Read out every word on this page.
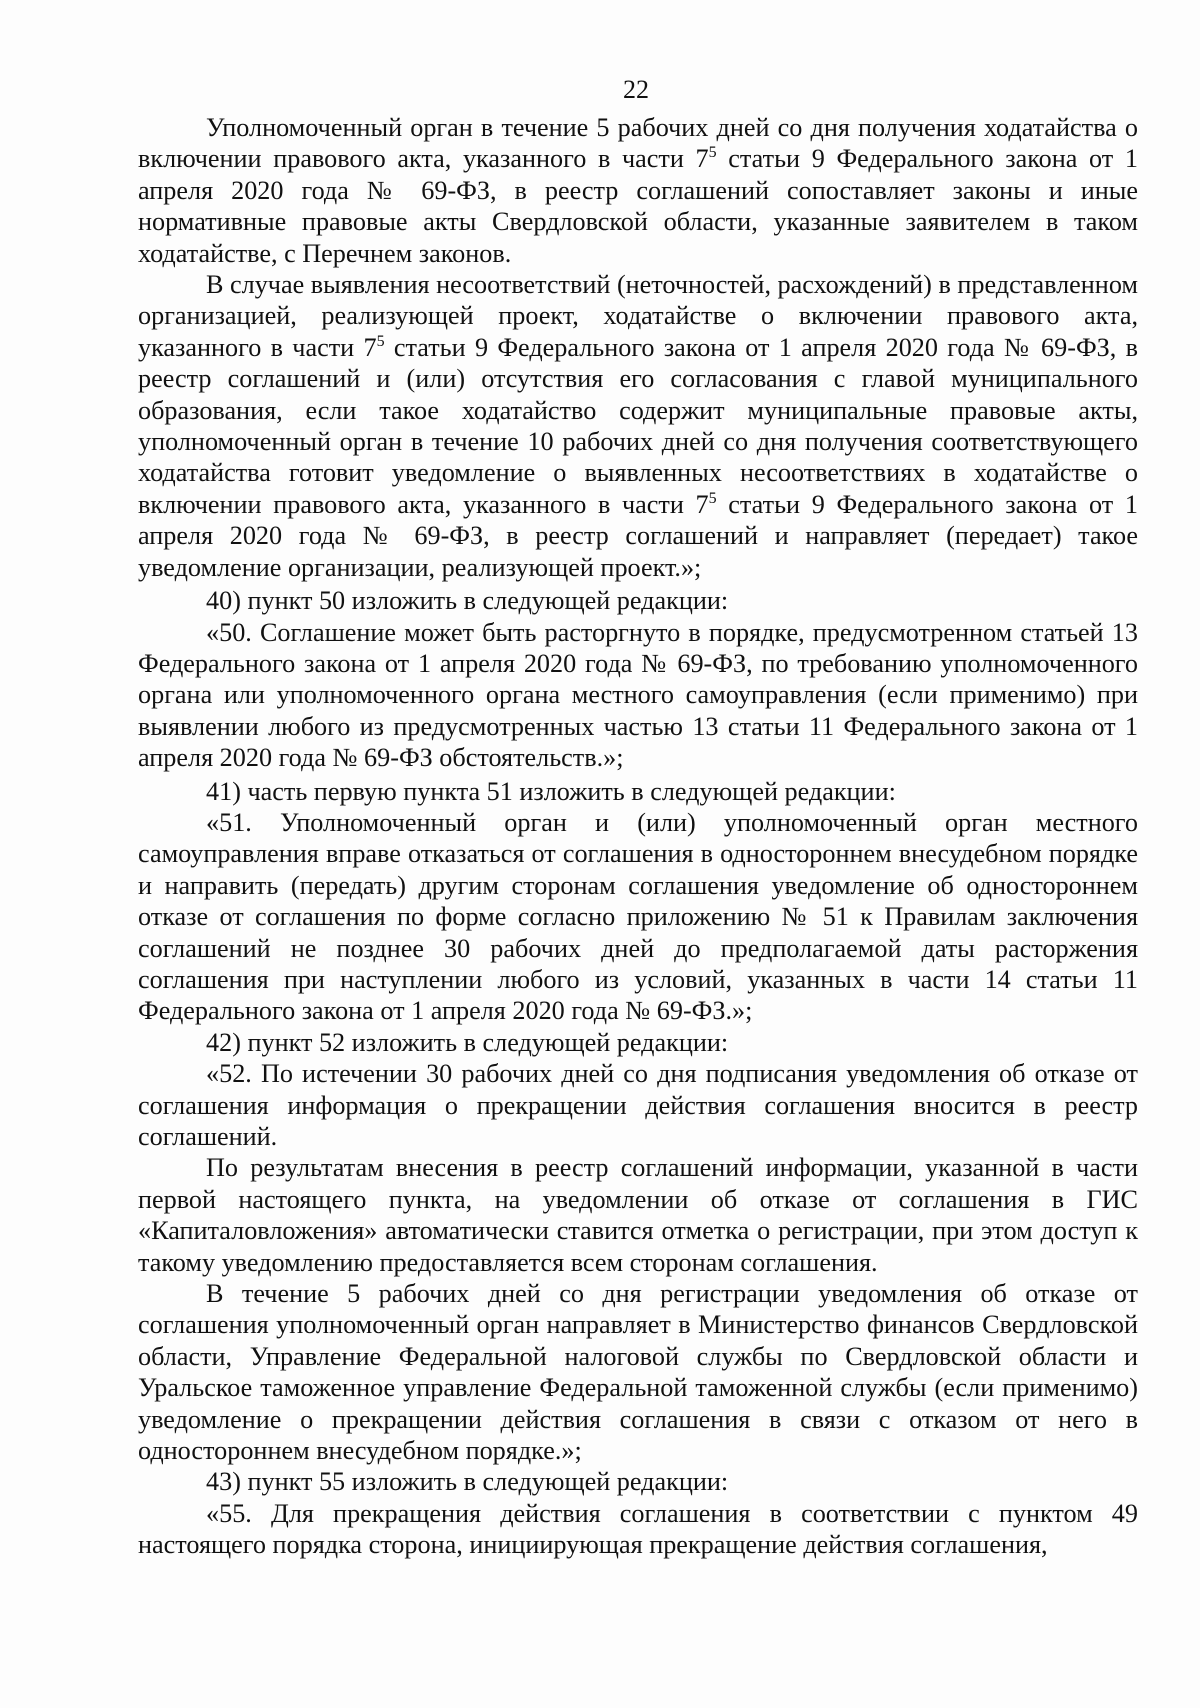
22

Уполномоченный орган в течение 5 рабочих дней со дня получения ходатайства о включении правового акта, указанного в части $7^5$ статьи 9 Федерального закона от 1 апреля 2020 года № 69-ФЗ, в реестр соглашений сопоставляет законы и иные нормативные правовые акты Свердловской области, указанные заявителем в таком ходатайстве, с Перечнем законов.

В случае выявления несоответствий (неточностей, расхождений) в представленном организацией, реализующей проект, ходатайстве о включении правового акта, указанного в части $7^5$ статьи 9 Федерального закона от 1 апреля 2020 года № 69-ФЗ, в реестр соглашений и (или) отсутствия его согласования с главой муниципального образования, если такое ходатайство содержит муниципальные правовые акты, уполномоченный орган в течение 10 рабочих дней со дня получения соответствующего ходатайства готовит уведомление о выявленных несоответствиях в ходатайстве о включении правового акта, указанного в части $7^5$ статьи 9 Федерального закона от 1 апреля 2020 года № 69-ФЗ, в реестр соглашений и направляет (передает) такое уведомление организации, реализующей проект.»;

40) пункт 50 изложить в следующей редакции:

«50. Соглашение может быть расторгнуто в порядке, предусмотренном статьей 13 Федерального закона от 1 апреля 2020 года № 69-ФЗ, по требованию уполномоченного органа или уполномоченного органа местного самоуправления (если применимо) при выявлении любого из предусмотренных частью 13 статьи 11 Федерального закона от 1 апреля 2020 года № 69-ФЗ обстоятельств.»;

41) часть первую пункта 51 изложить в следующей редакции:

«51. Уполномоченный орган и (или) уполномоченный орган местного самоуправления вправе отказаться от соглашения в одностороннем внесудебном порядке и направить (передать) другим сторонам соглашения уведомление об одностороннем отказе от соглашения по форме согласно приложению № 51 к Правилам заключения соглашений не позднее 30 рабочих дней до предполагаемой даты расторжения соглашения при наступлении любого из условий, указанных в части 14 статьи 11 Федерального закона от 1 апреля 2020 года № 69-ФЗ.»;

42) пункт 52 изложить в следующей редакции:

«52. По истечении 30 рабочих дней со дня подписания уведомления об отказе от соглашения информация о прекращении действия соглашения вносится в реестр соглашений.

По результатам внесения в реестр соглашений информации, указанной в части первой настоящего пункта, на уведомлении об отказе от соглашения в ГИС «Капиталовложения» автоматически ставится отметка о регистрации, при этом доступ к такому уведомлению предоставляется всем сторонам соглашения.

В течение 5 рабочих дней со дня регистрации уведомления об отказе от соглашения уполномоченный орган направляет в Министерство финансов Свердловской области, Управление Федеральной налоговой службы по Свердловской области и Уральское таможенное управление Федеральной таможенной службы (если применимо) уведомление о прекращении действия соглашения в связи с отказом от него в одностороннем внесудебном порядке.»;

43) пункт 55 изложить в следующей редакции:

«55. Для прекращения действия соглашения в соответствии с пунктом 49 настоящего порядка сторона, инициирующая прекращение действия соглашения,
